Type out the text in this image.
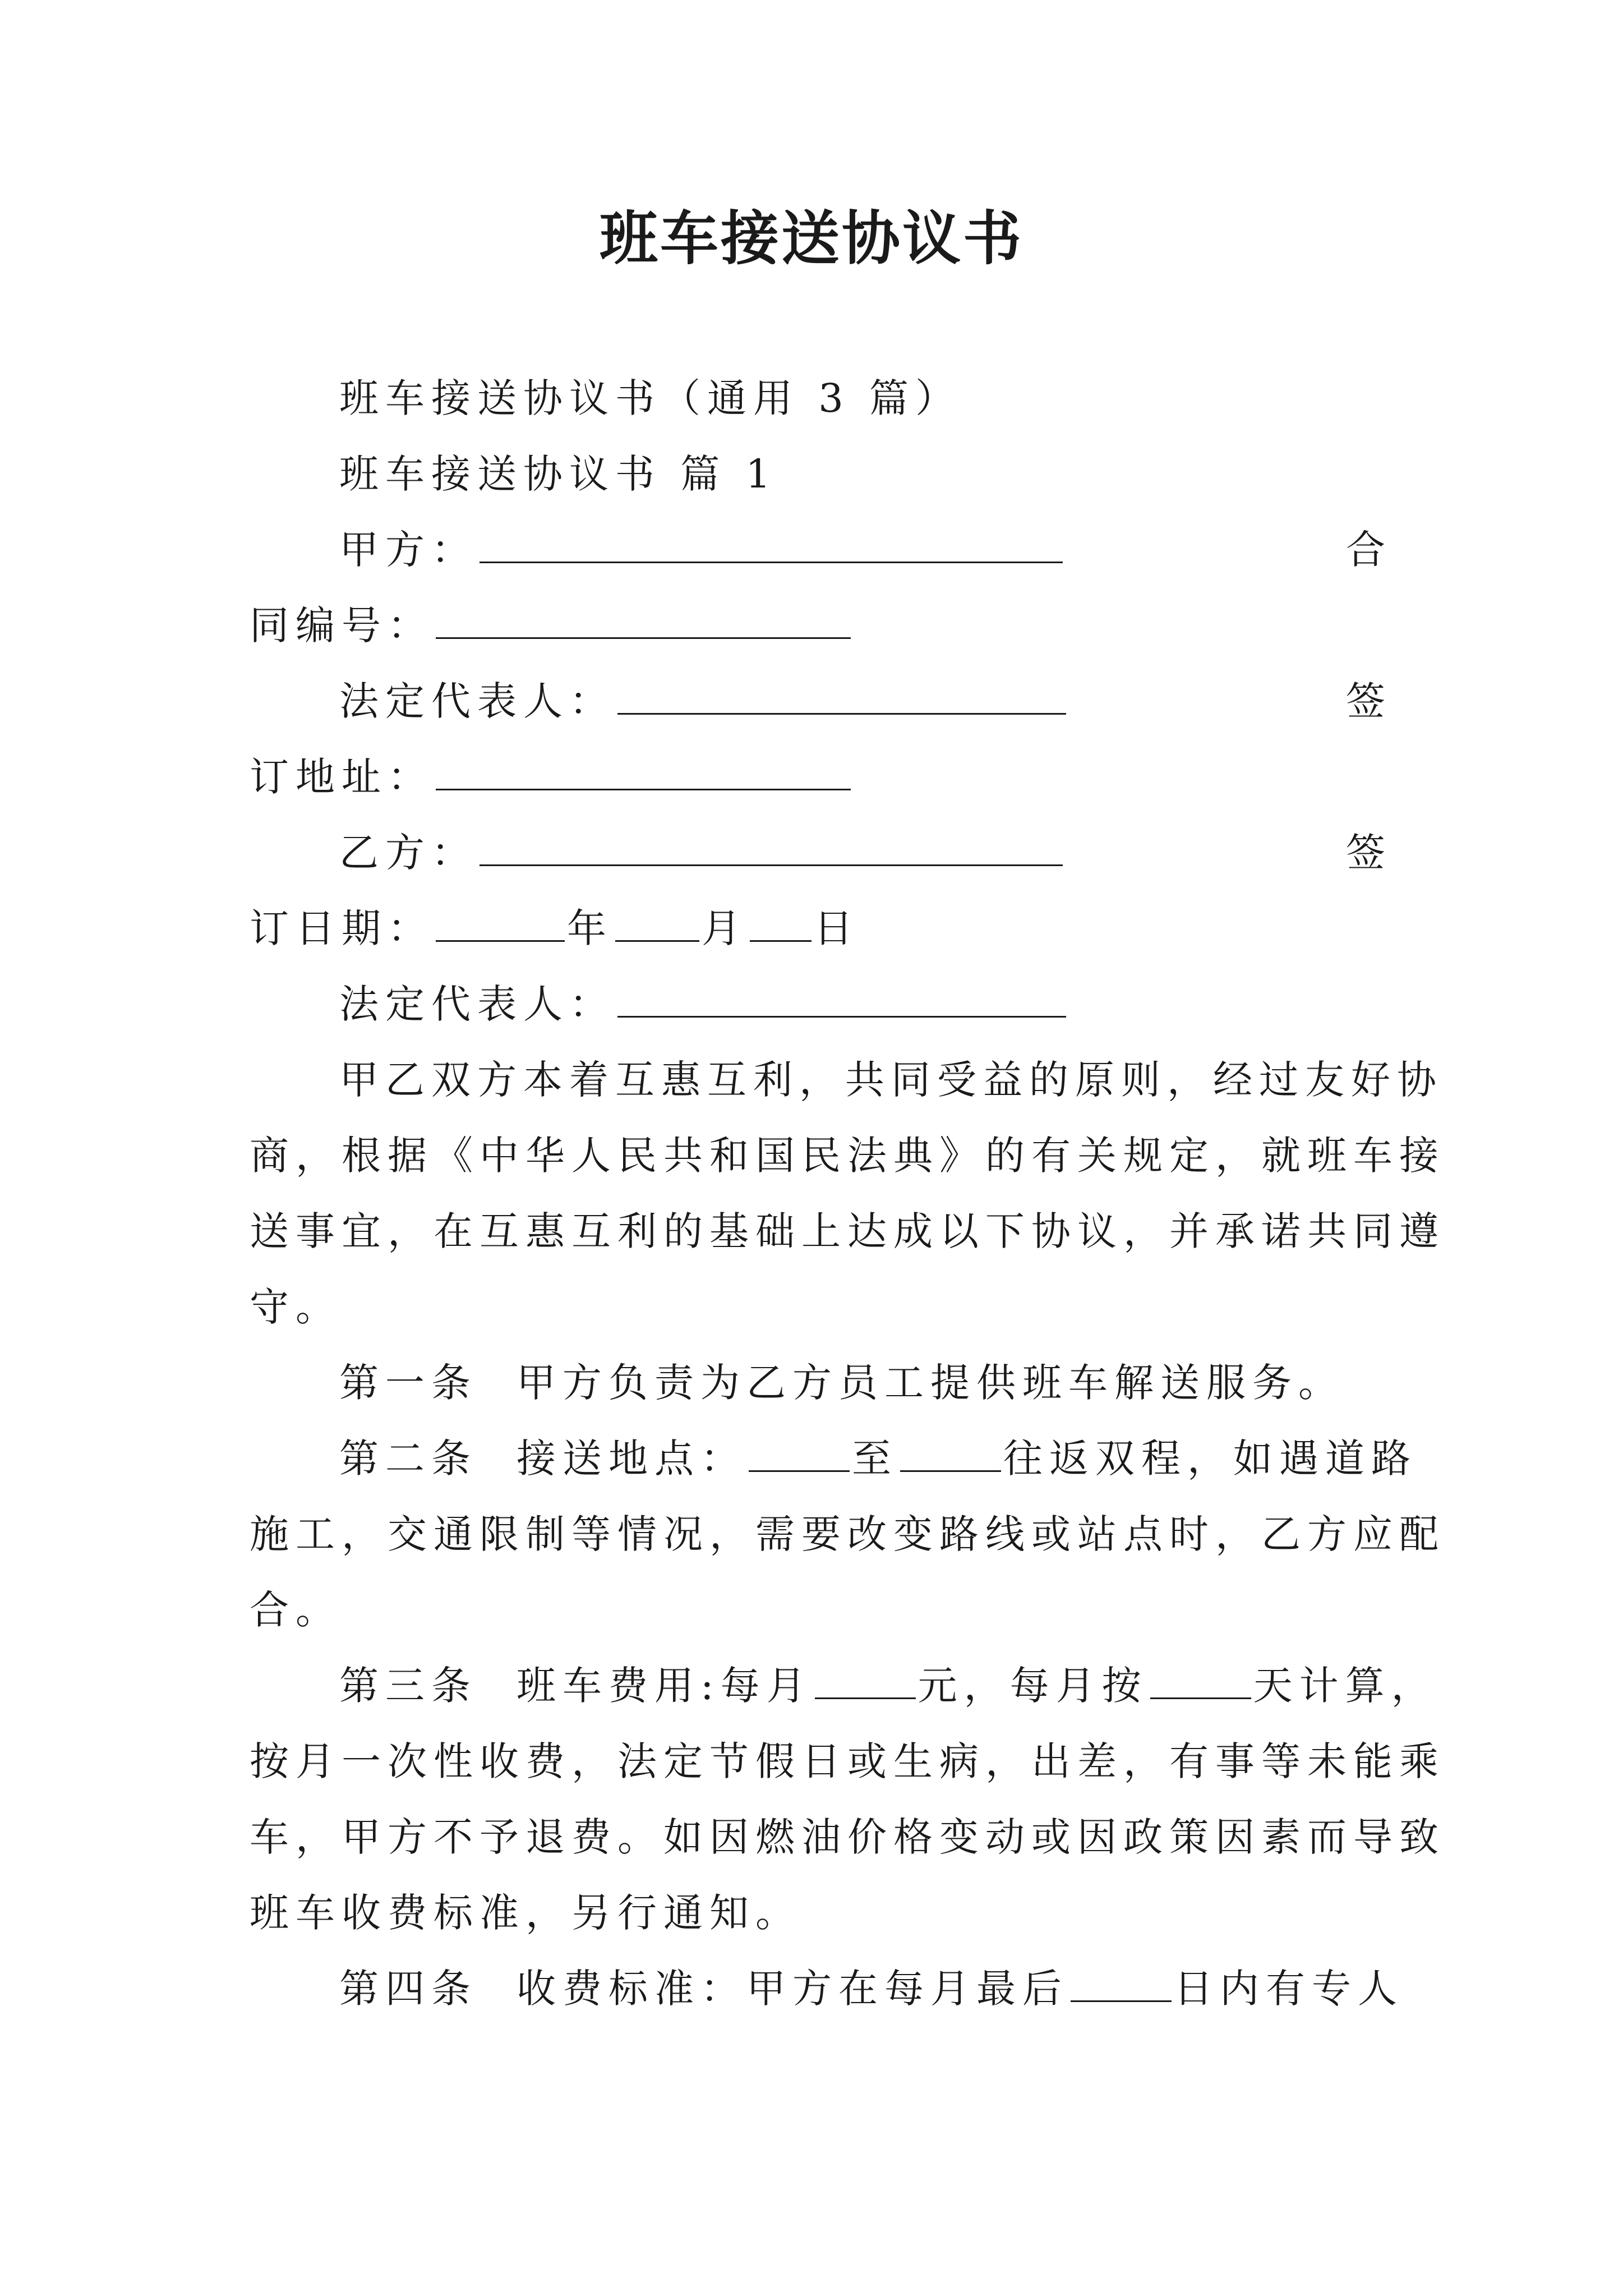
班车接送协议书
班车接送协议书（通用 3 篇）
班车接送协议书 篇 1
甲方：	合
同编号：
法定代表人：	签
订地址：
乙方：	签
订日期：	年 月 日
法定代表人：
甲乙双方本着互惠互利，共同受益的原则，经过友好协
商，根据《中华人民共和国民法典》的有关规定，就班车接
送事宜，在互惠互利的基础上达成以下协议，并承诺共同遵
守。
第一条 甲方负责为乙方员工提供班车解送服务。
第二条 接送地点：	至	往返双程，如遇道路
施工，交通限制等情况，需要改变路线或站点时，乙方应配
合。
第三条 班车费用:每月	元，每月按	天计算，
按月一次性收费，法定节假日或生病，出差，有事等未能乘
车，甲方不予退费。如因燃油价格变动或因政策因素而导致
班车收费标准，另行通知。
第四条 收费标准：甲方在每月最后	日内有专人
